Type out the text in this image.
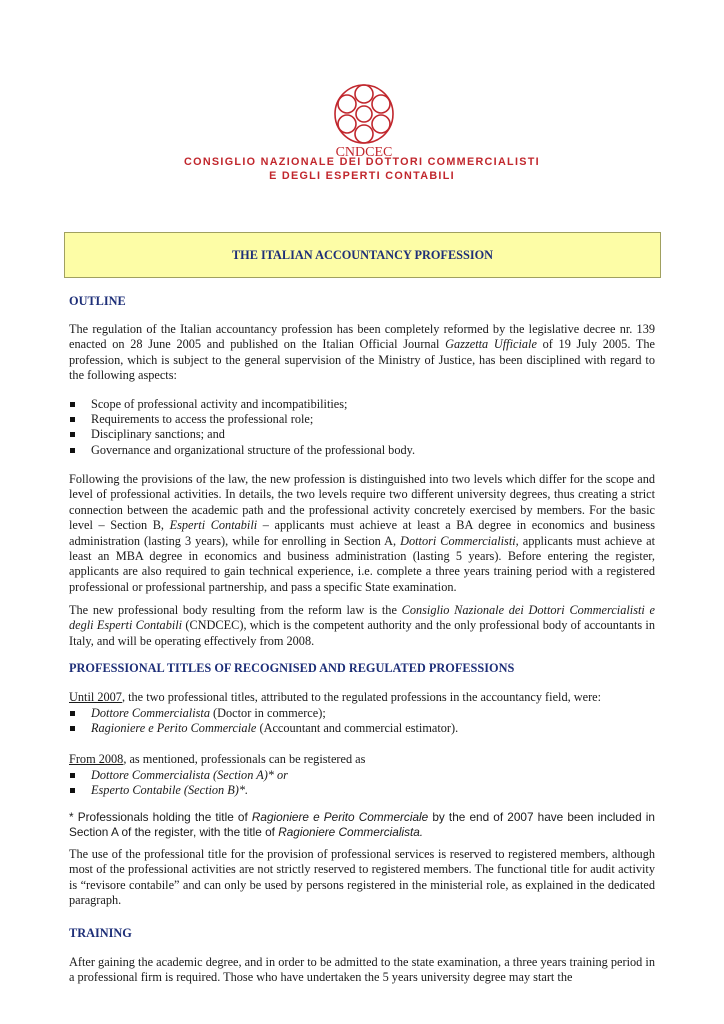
CNDCEC
CONSIGLIO NAZIONALE DEI DOTTORI COMMERCIALISTI
E DEGLI ESPERTI CONTABILI
THE ITALIAN ACCOUNTANCY PROFESSION
OUTLINE

The regulation of the Italian accountancy profession has been completely reformed by the legislative decree nr. 139 enacted on 28 June 2005 and published on the Italian Official Journal Gazzetta Ufficiale of 19 July 2005. The profession, which is subject to the general supervision of the Ministry of Justice, has been disciplined with regard to the following aspects:

Scope of professional activity and incompatibilities;
Requirements to access the professional role;
Disciplinary sanctions; and
Governance and organizational structure of the professional body.

Following the provisions of the law, the new profession is distinguished into two levels which differ for the scope and level of professional activities. In details, the two levels require two different university degrees, thus creating a strict connection between the academic path and the professional activity concretely exercised by members. For the basic level – Section B, Esperti Contabili – applicants must achieve at least a BA degree in economics and business administration (lasting 3 years), while for enrolling in Section A, Dottori Commercialisti, applicants must achieve at least an MBA degree in economics and business administration (lasting 5 years). Before entering the register, applicants are also required to gain technical experience, i.e. complete a three years training period with a registered professional or professional partnership, and pass a specific State examination.

The new professional body resulting from the reform law is the Consiglio Nazionale dei Dottori Commercialisti e degli Esperti Contabili (CNDCEC), which is the competent authority and the only professional body of accountants in Italy, and will be operating effectively from 2008.

PROFESSIONAL TITLES OF RECOGNISED AND REGULATED PROFESSIONS

Until 2007, the two professional titles, attributed to the regulated professions in the accountancy field, were:

Dottore Commercialista (Doctor in commerce);
Ragioniere e Perito Commerciale (Accountant and commercial estimator).

From 2008, as mentioned, professionals can be registered as

Dottore Commercialista (Section A)* or
Esperto Contabile (Section B)*.

* Professionals holding the title of Ragioniere e Perito Commerciale by the end of 2007 have been included in Section A of the register, with the title of Ragioniere Commercialista.

The use of the professional title for the provision of professional services is reserved to registered members, although most of the professional activities are not strictly reserved to registered members. The functional title for audit activity is “revisore contabile” and can only be used by persons registered in the ministerial role, as explained in the dedicated paragraph.

TRAINING

After gaining the academic degree, and in order to be admitted to the state examination, a three years training period in a professional firm is required. Those who have undertaken the 5 years university degree may start the
